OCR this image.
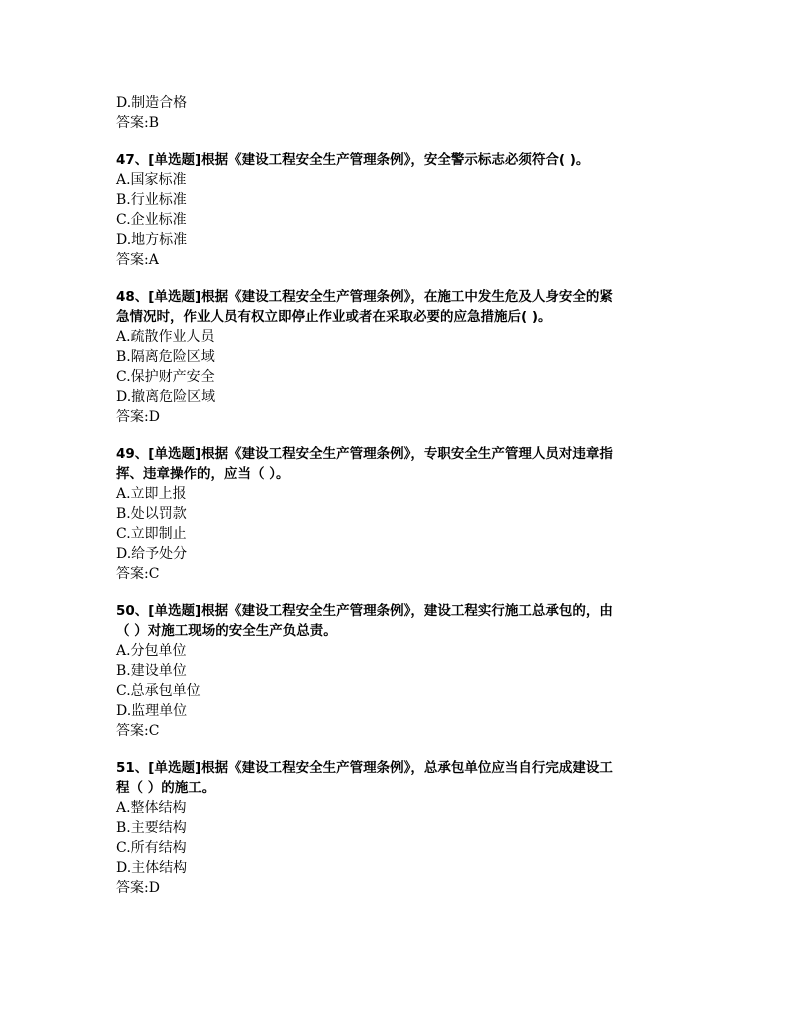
D.制造合格
答案:B
47、[单选题]根据《建设工程安全生产管理条例》，安全警示标志必须符合( )。
A.国家标准
B.行业标准
C.企业标准
D.地方标准
答案:A
48、[单选题]根据《建设工程安全生产管理条例》，在施工中发生危及人身安全的紧
急情况时，作业人员有权立即停止作业或者在采取必要的应急措施后( )。
A.疏散作业人员
B.隔离危险区域
C.保护财产安全
D.撤离危险区域
答案:D
49、[单选题]根据《建设工程安全生产管理条例》，专职安全生产管理人员对违章指
挥、违章操作的，应当（ ）。
A.立即上报
B.处以罚款
C.立即制止
D.给予处分
答案:C
50、[单选题]根据《建设工程安全生产管理条例》，建设工程实行施工总承包的，由
（ ）对施工现场的安全生产负总责。
A.分包单位
B.建设单位
C.总承包单位
D.监理单位
答案:C
51、[单选题]根据《建设工程安全生产管理条例》，总承包单位应当自行完成建设工
程（ ）的施工。
A.整体结构
B.主要结构
C.所有结构
D.主体结构
答案:D
